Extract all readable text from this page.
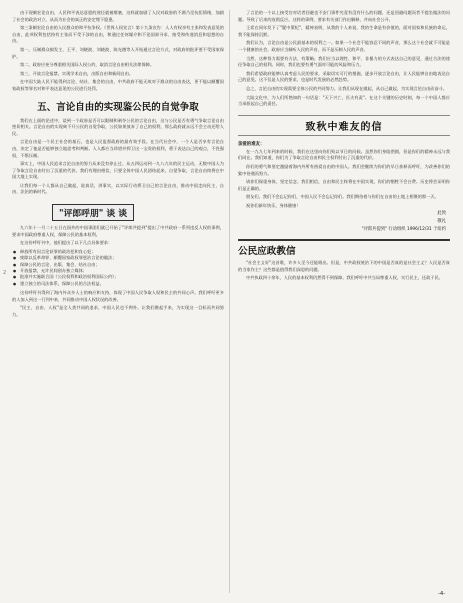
由于现制宏论自由，人民和平表达意愿的途径就被堵塞，这样就加剧了人民对政府的不满乃至抗拒情绪，加剧了社会的政治对立，从而为社会的真正的安定埋下隐患。

第三条制宏论自由的人民群众的和平抗争权。《世界人权宣言》第十九条宣告：人人有权享有主张和发表意见的自由，此项权利包括持有主张而不受干涉的自由，和通过任何媒介和不论国界寻求、接受和传递消息和思想的自由。

第一，压制群众揭发主，王平、刘晓波、刘晓波、陈光德等人开始通过言论方式，对政府的批评要不受国家保护。

第二，政府应充分尊重相关国际人权公约，取消言论自由相关法律保障。

第三，开放言论报禁，实现学术自由，出版自由和新闻自由。

在中国大陆人民不能得到言论、结社、集会的自由，中共政府不能无故对于群众的自由表达，更不能以颠覆国家政权等罪名对和平表达意见的公民进行处罚。

五、言论自由的实现鉴公民的自觉争取

我们在上面的论述中，谈到一个政府是否可以限制和剥夺公民的言论自由，这与公民是否有勇气争取言论自由密切相关。言论自由的实现离不开公民的自觉争取，公民如果放弃了自己的权利，那么政府就永远不会主动还给人民。

言论自由是一个民主社会的基石，也是人民监督政府的最有效手段。在当代社会中，一个人是否享有言论自由，决定了他是否能够独立地思考和判断。人人都应当珍惜并捍卫这一宝贵的权利，勇于表达自己的观点，不畏强权，不惧压制。

事实上，中国人民追求言论自由的努力从来没有停止过。从五四运动到一九八九年的民主运动，无数中国人为了争取言论自由付出了沉重的代价。我们有理由相信，只要全体中国人民团结起来，自觉争取，言论自由终将在中国大地上实现。

让我们每一个人都从自己做起，说真话，讲事实，以实际行动捍卫自己的言论自由，推动中国走向民主、自由、法治的新时代。

"评郎呼朋" 谈 谈

九六年十一月二十五日在国外的中国事团们就已开始了"评郎共提到"提出了中共政府一系列违反人权的事例，要求中国政府尊重人权，保障公民的基本权利。

在这份呼吁书中，他们提出了以下几点具体要求：

● 释放所有因言论获罪的政治犯和良心犯；
● 废除以反革命罪、颠覆国家政权罪惩治言论的做法；
● 保障公民的言论、出版、集会、结社自由；
● 开放报禁，允许民间创办独立媒体；
● 批准并实施联合国《公民权利和政治权利国际公约》；
● 建立独立的司法体系，保障公民的合法权益。

这份呼吁书得到了海内外众多人士的响应和支持，体现了中国人民争取人权和民主的共同心声。我们呼吁更多的人加入到这一行列中来，共同推动中国人权状况的改善。

"民主、自由、人权"是全人类共同的追求，中国人民也不例外。让我们携起手来，为实现这一目标而共同努力。

了言论的一个以上接受官对话者回避也不安门事件究竟有没有什么的问题，还是回避问题而者不提坐做法的问题。导致了后来的连锁反应。这样的事例，要求有关部门作出解释，并向社会公开。

王希在同年发下了"疑中策纪"，精神表明，从我的个人来说，我的生命是有价值的，面对国家和民族的命运，我不能保持沉默。

我们认为，言论自由是公民最基本的权利之一。如果一个社会不能容忍不同的声音，那么这个社会就不可能是一个健康的社会。政府应当倾听人民的声音，而不是压制人民的声音。

当然，这种努力需要有方法、有策略。我们应当以理性、和平、非暴力的方式表达自己的意见，通过合法的途径争取自己的权利。同时，我们也要有勇气面对可能的风险和压力。

我们希望政府能够认真考虑人民的要求，采取切实可行的措施，逐步开放言论自由，让人民能够自由地表达自己的意见。这不仅是人民的要求，也是时代发展的必然趋势。

总之，言论自由的实现需要全体公民的共同努力。让我们从现在做起，从自己做起，为实现言论自由而奋斗。

大陆文化中，为人们所熟知的一句话是："天下兴亡，匹夫有责"。在这个关键的历史时刻，每一个中国人都应当承担起自己的责任。

致秋中难友的信
亲爱的难友：

在一九九七年到来的时候，我们在这里向你们致以节日的问候。虽然你们身陷囹圄，但是你们的精神永远与我们同在。我们知道，你们为了争取言论自由和民主权利付出了沉重的代价。

你们的勇气和坚定激励着海内外所有热爱自由的中国人。我们会继续为你们的早日获释而呼吁，为改善你们的狱中待遇而努力。

请你们保重身体，坚定信念。我们相信，自由和民主终将在中国实现，你们的牺牲不会白费。历史将会证明你们是正确的。

朋友们，我们不会忘记你们，中国人民不会忘记你们。我们期待着与你们在自由的土地上相聚的那一天。

祝你们新年快乐，身体健康！

此致
敬礼
"评郎共提到" 行动组织 1996/12/31 于纽约
公民应政教信

"社会主义好"这首歌，许多人至今还能唱出。但是，中共政权统治下的中国是否真的是社会主义？人民是否真的当家作主？这些都是值得我们深思的问题。

中共执政四十余年，人民的基本权利仍然得不到保障。我们呼吁中共当局尊重人权，实行民主，还政于民。

2
-4-
